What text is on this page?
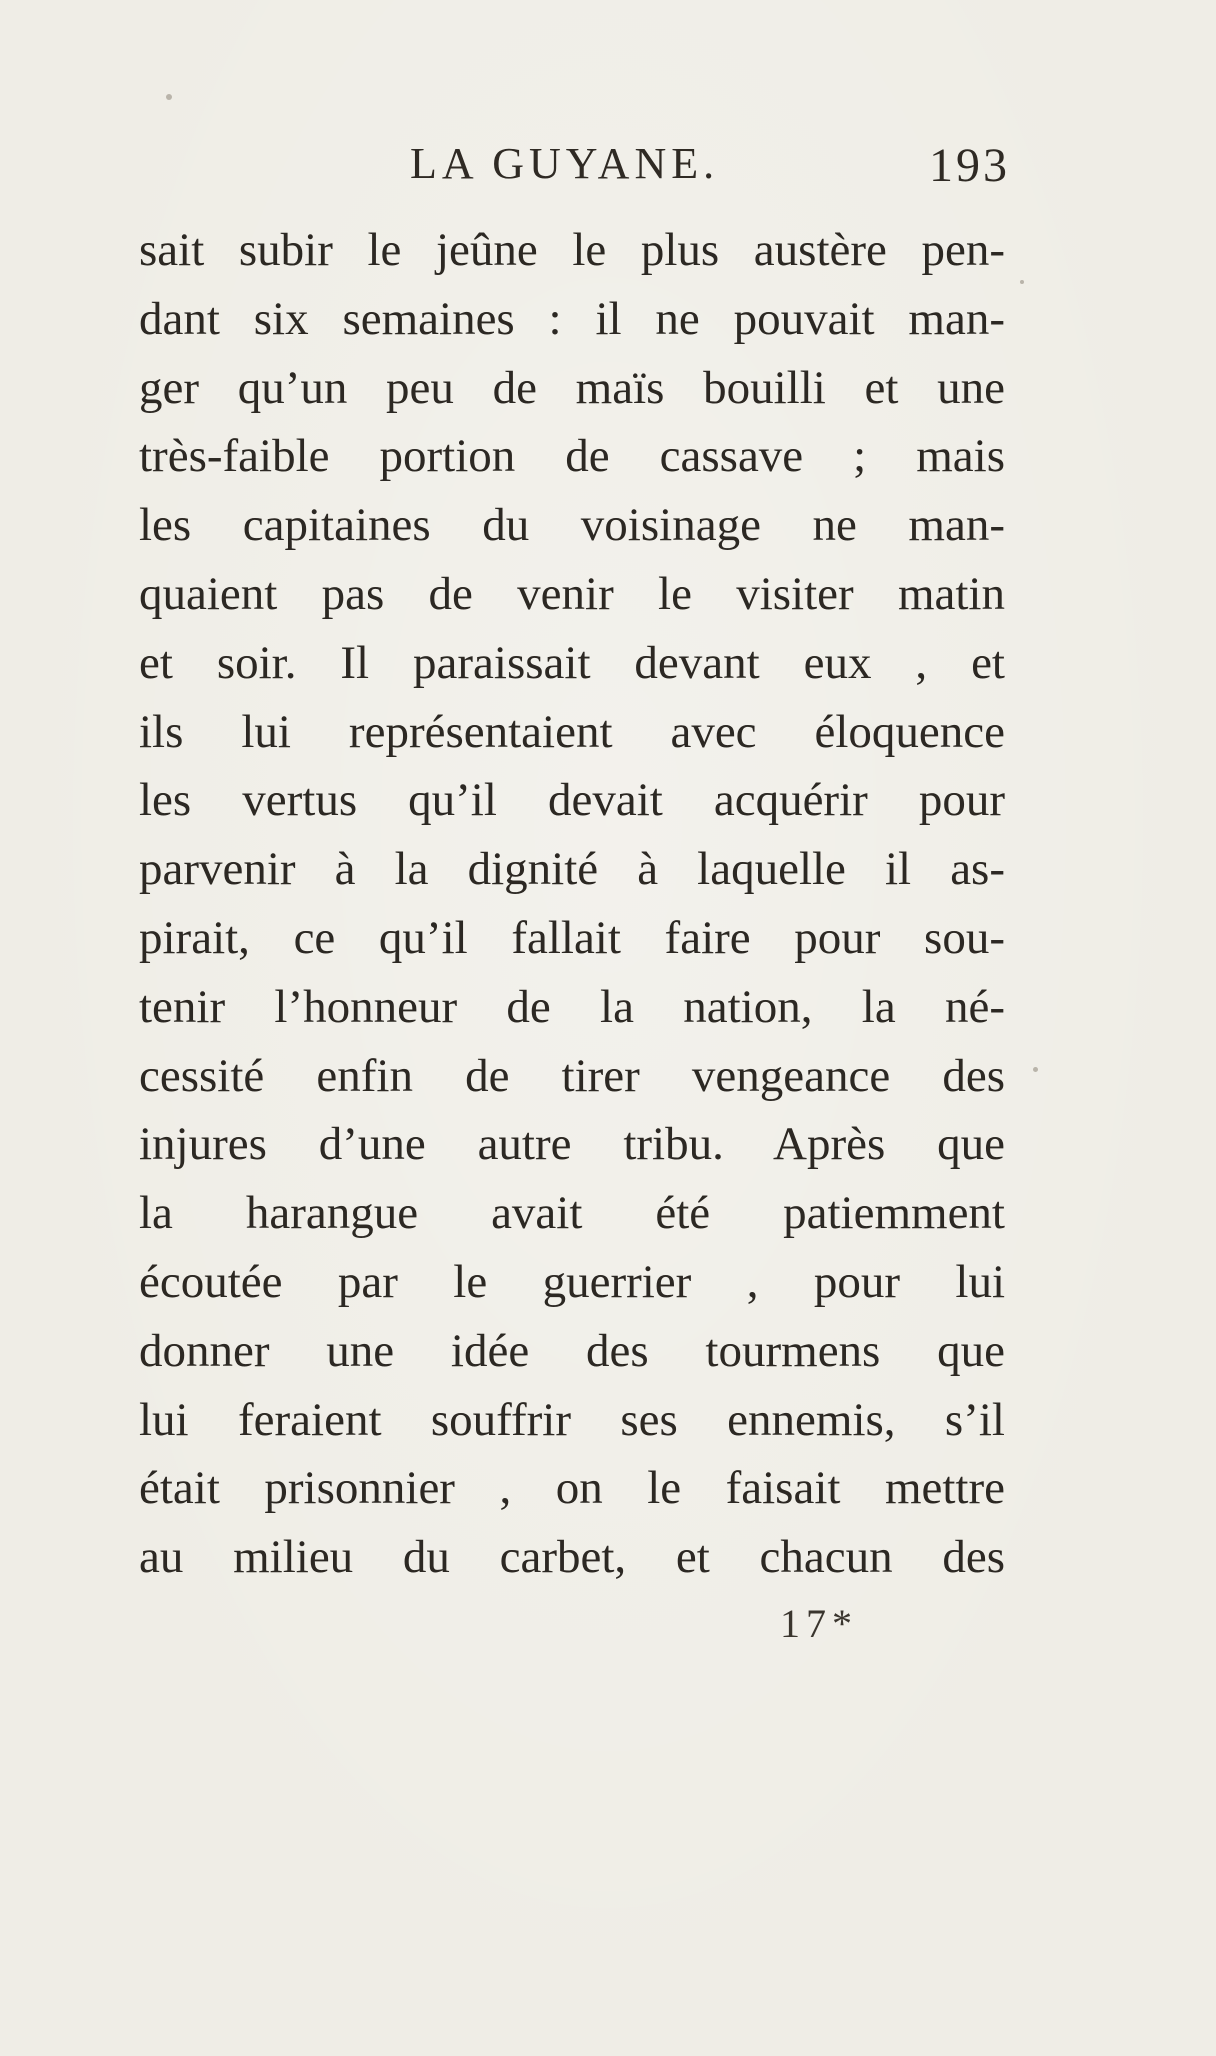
LA GUYANE.	193
sait subir le jeûne le plus austère pen-
dant six semaines : il ne pouvait man-
ger qu’un peu de maïs bouilli et une
très-faible portion de cassave ; mais
les capitaines du voisinage ne man-
quaient pas de venir le visiter matin
et soir. Il paraissait devant eux , et
ils lui représentaient avec éloquence
les vertus qu’il devait acquérir pour
parvenir à la dignité à laquelle il as-
pirait, ce qu’il fallait faire pour sou-
tenir l’honneur de la nation, la né-
cessité enfin de tirer vengeance des
injures d’une autre tribu. Après que
la harangue avait été patiemment
écoutée par le guerrier , pour lui
donner une idée des tourmens que
lui feraient souffrir ses ennemis, s’il
était prisonnier , on le faisait mettre
au milieu du carbet, et chacun des
17*
